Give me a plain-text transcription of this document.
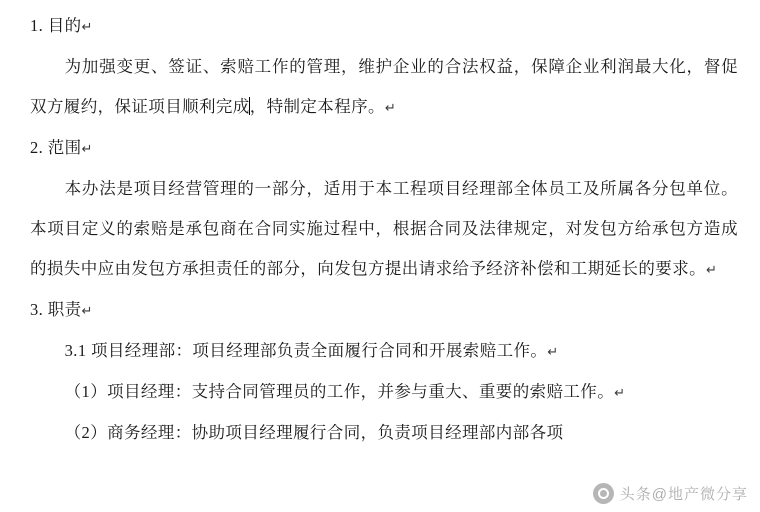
1. 目的↵

为加强变更、签证、索赔工作的管理，维护企业的合法权益，保障企业利润最大化，督促双方履约，保证项目顺利完成，特制定本程序。↵

2. 范围↵

本办法是项目经营管理的一部分，适用于本工程项目经理部全体员工及所属各分包单位。本项目定义的索赔是承包商在合同实施过程中，根据合同及法律规定，对发包方给承包方造成的损失中应由发包方承担责任的部分，向发包方提出请求给予经济补偿和工期延长的要求。↵

3. 职责↵

3.1 项目经理部：项目经理部负责全面履行合同和开展索赔工作。↵

（1）项目经理：支持合同管理员的工作，并参与重大、重要的索赔工作。↵

（2）商务经理：协助项目经理履行合同，负责项目经理部内部各项

头条@地产微分享
